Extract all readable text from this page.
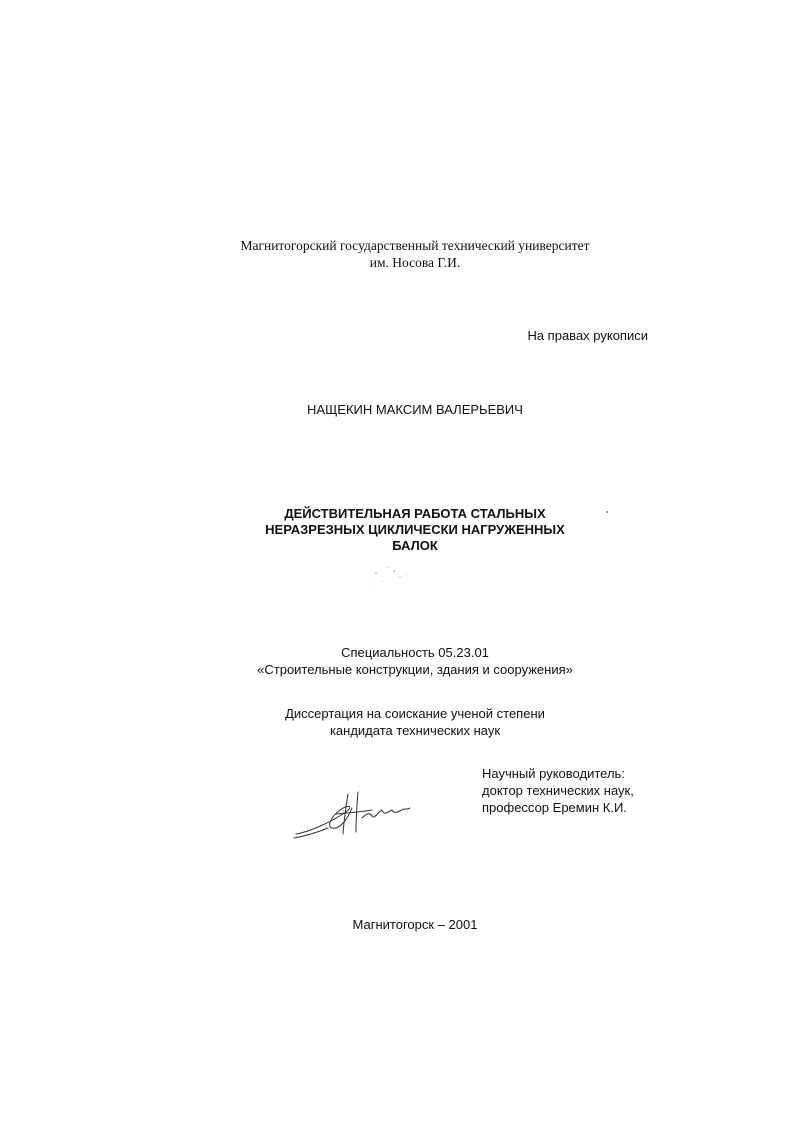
Магнитогорский государственный технический университет
им. Носова Г.И.
На правах рукописи
НАЩЕКИН МАКСИМ ВАЛЕРЬЕВИЧ
ДЕЙСТВИТЕЛЬНАЯ РАБОТА СТАЛЬНЫХ
НЕРАЗРЕЗНЫХ ЦИКЛИЧЕСКИ НАГРУЖЕННЫХ
БАЛОК
Специальность 05.23.01
«Строительные конструкции, здания и сооружения»
Диссертация на соискание ученой степени
кандидата технических наук
Научный руководитель:
доктор технических наук,
профессор Еремин К.И.
Магнитогорск – 2001
